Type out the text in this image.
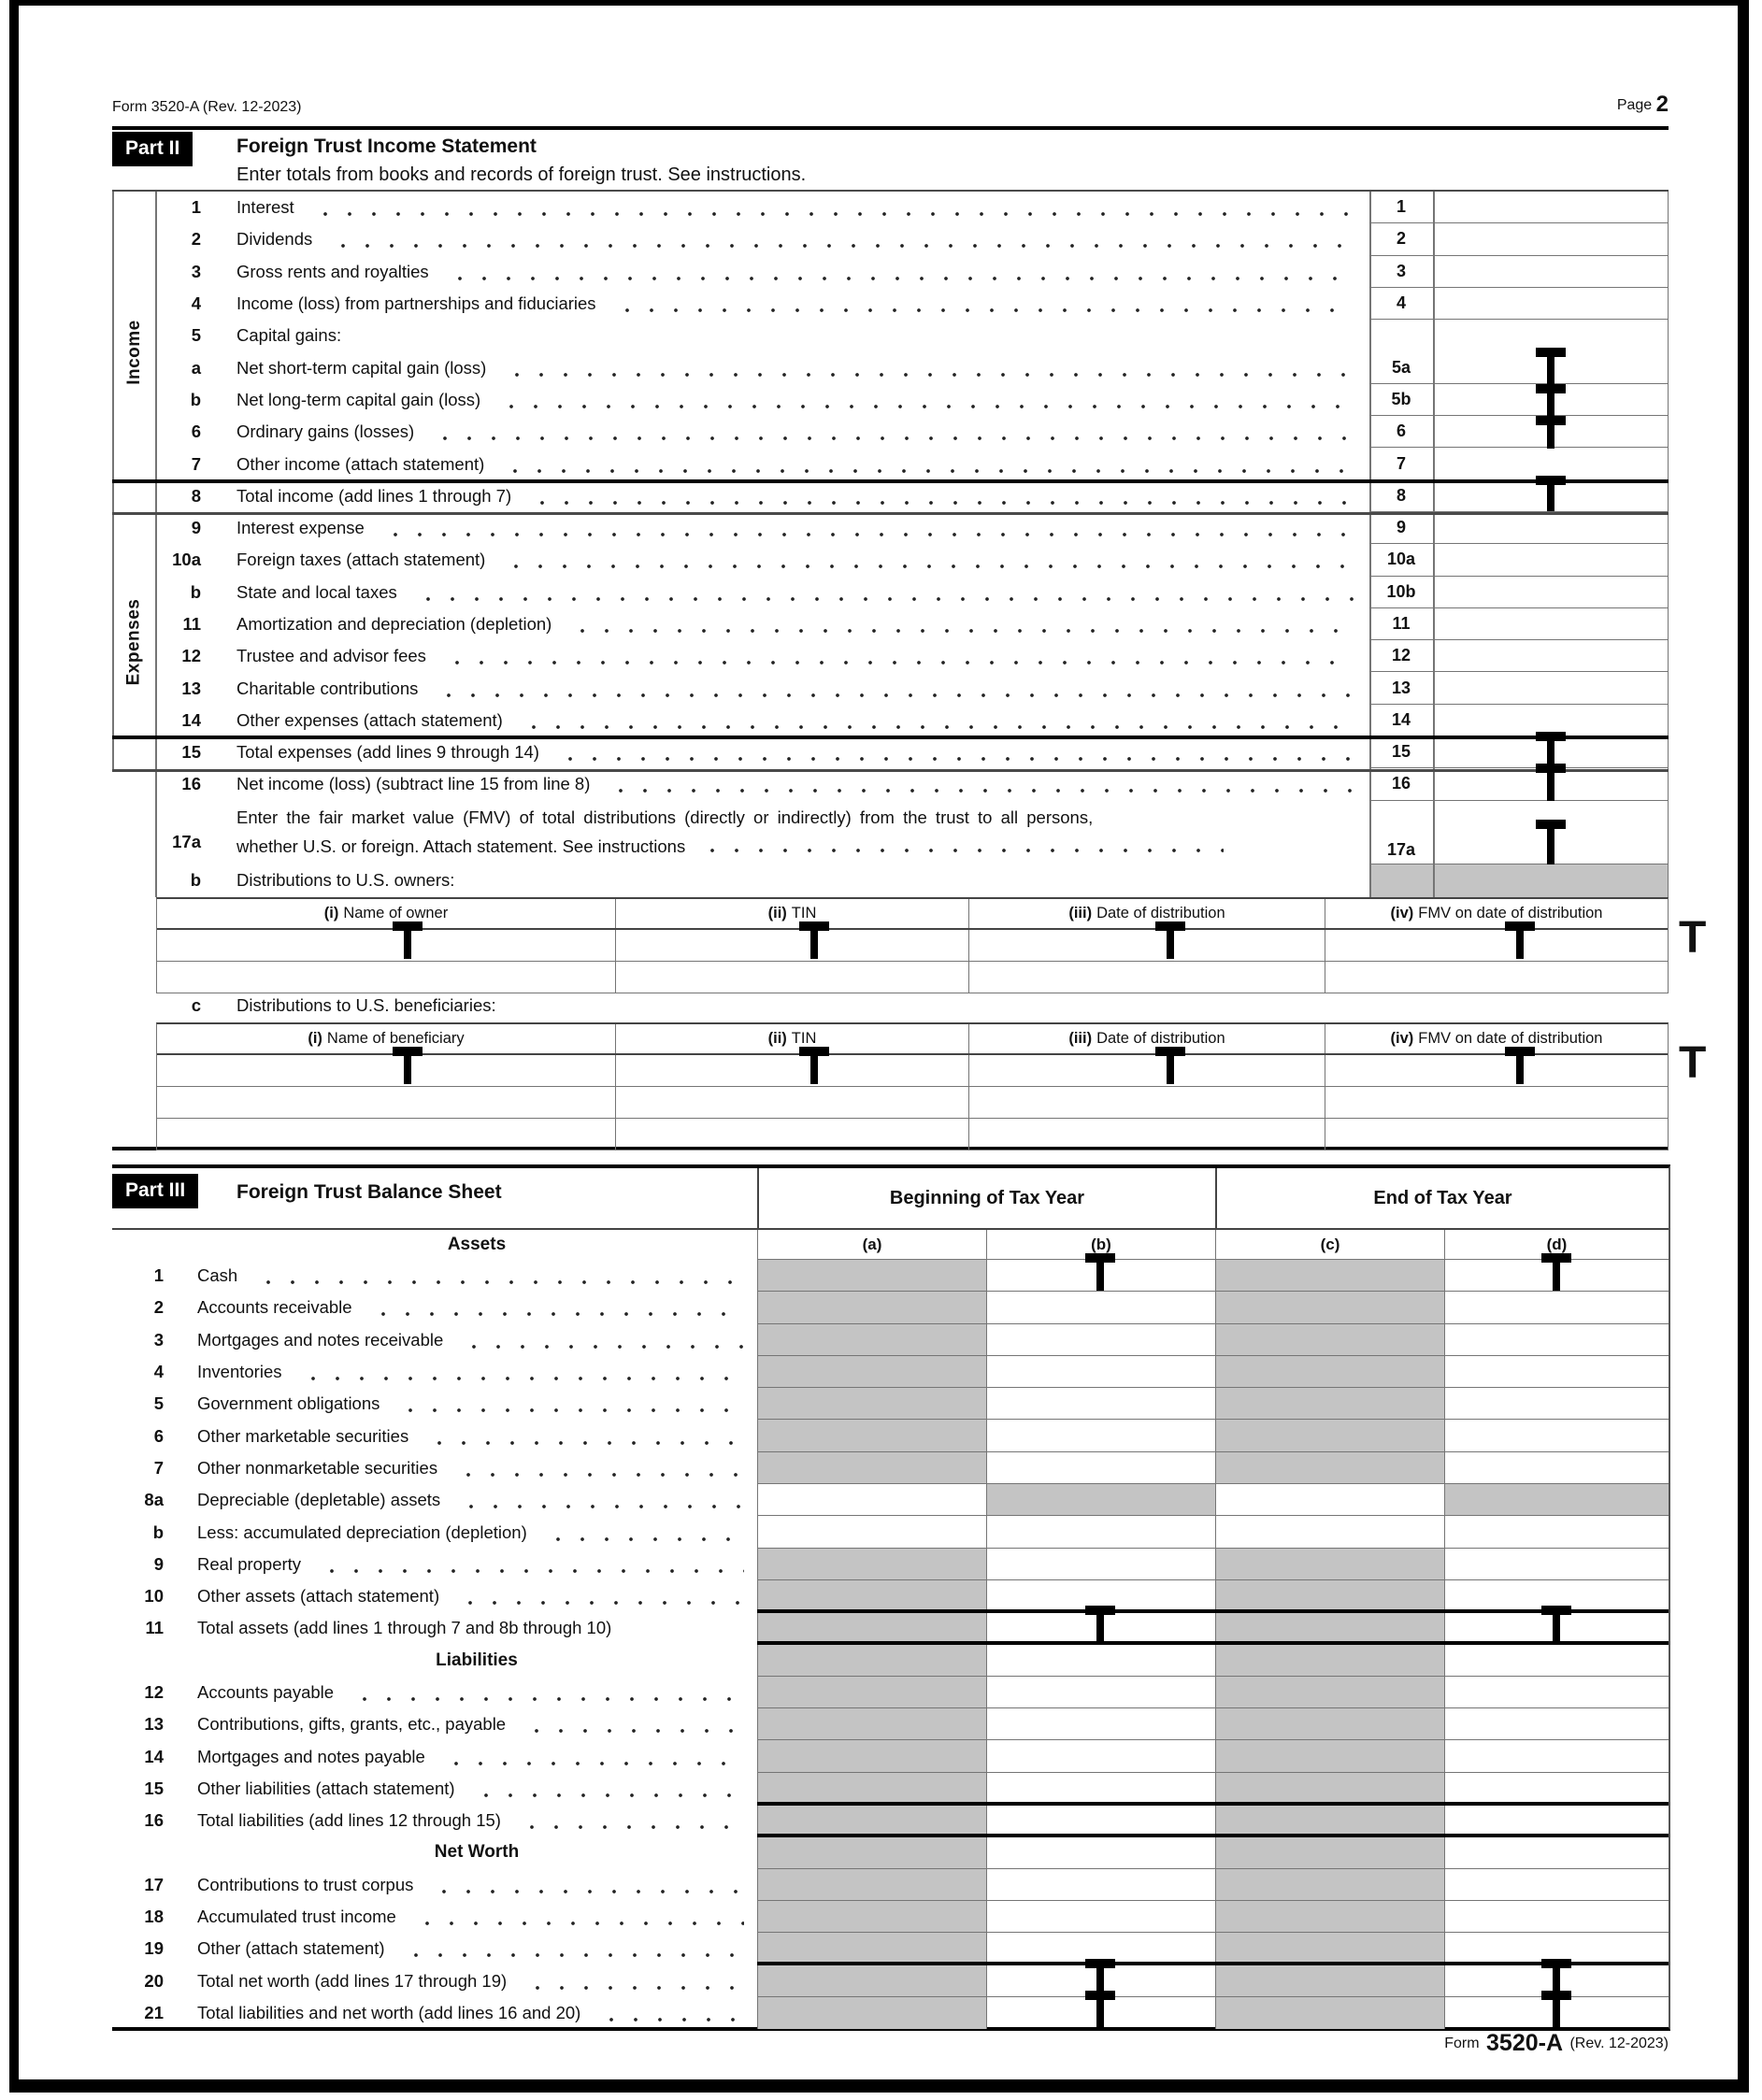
Form 3520-A (Rev. 12-2023)	Page 2
Part II	Foreign Trust Income Statement
Enter totals from books and records of foreign trust. See instructions.
Income
Expenses
1 Interest	1
2 Dividends	2
3 Gross rents and royalties	3
4 Income (loss) from partnerships and fiduciaries	4
5 Capital gains:
a Net short-term capital gain (loss)	5a
b Net long-term capital gain (loss)	5b
6 Ordinary gains (losses)	6
7 Other income (attach statement)	7
8 Total income (add lines 1 through 7)	8
9 Interest expense	9
10a Foreign taxes (attach statement)	10a
b State and local taxes	10b
11 Amortization and depreciation (depletion)	11
12 Trustee and advisor fees	12
13 Charitable contributions	13
14 Other expenses (attach statement)	14
15 Total expenses (add lines 9 through 14)	15
16 Net income (loss) (subtract line 15 from line 8)	16
17a
Enter the fair market value (FMV) of total distributions (directly or indirectly) from the trust to all persons,
whether U.S. or foreign. Attach statement. See instructions	17a
b Distributions to U.S. owners:
(i) Name of owner	(ii) TIN	(iii) Date of distribution	(iv) FMV on date of distribution
c Distributions to U.S. beneficiaries:
(i) Name of beneficiary	(ii) TIN	(iii) Date of distribution	(iv) FMV on date of distribution
Part III	Foreign Trust Balance Sheet	Beginning of Tax Year	End of Tax Year
Assets	(a)	(b)	(c)	(d)
1 Cash
2 Accounts receivable
3 Mortgages and notes receivable
4 Inventories
5 Government obligations
6 Other marketable securities
7 Other nonmarketable securities
8a Depreciable (depletable) assets
b Less: accumulated depreciation (depletion)
9 Real property
10 Other assets (attach statement)
11 Total assets (add lines 1 through 7 and 8b through 10)
Liabilities
12 Accounts payable
13 Contributions, gifts, grants, etc., payable
14 Mortgages and notes payable
15 Other liabilities (attach statement)
16 Total liabilities (add lines 12 through 15)
Net Worth
17 Contributions to trust corpus
18 Accumulated trust income
19 Other (attach statement)
20 Total net worth (add lines 17 through 19)
21 Total liabilities and net worth (add lines 16 and 20)
T
T
Form 3520-A (Rev. 12-2023)
